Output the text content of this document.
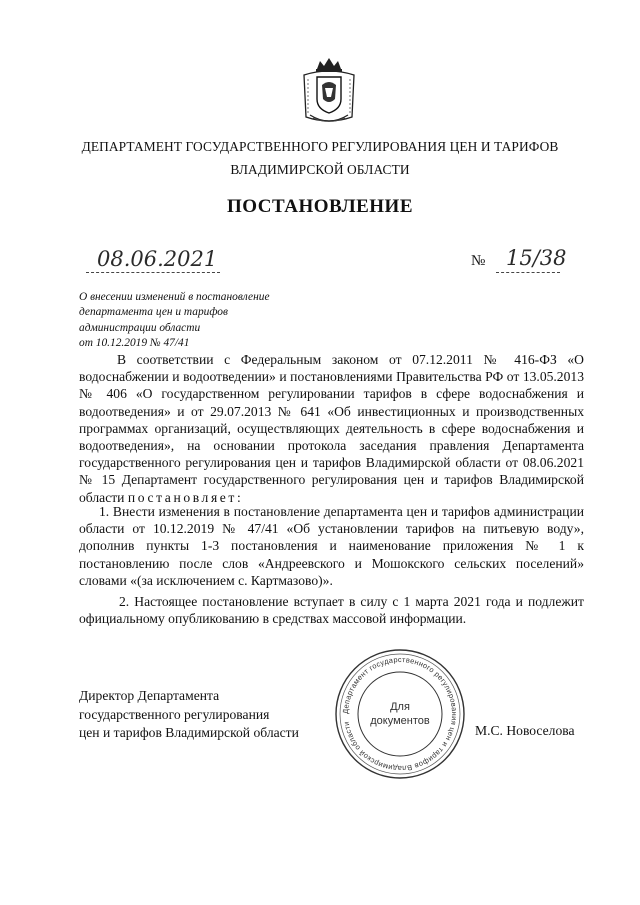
ДЕПАРТАМЕНТ ГОСУДАРСТВЕННОГО РЕГУЛИРОВАНИЯ ЦЕН И ТАРИФОВ
ВЛАДИМИРСКОЙ ОБЛАСТИ
ПОСТАНОВЛЕНИЕ
08.06.2021	№ 15/38
О внесении изменений в постановление
департамента цен и тарифов
администрации области
от 10.12.2019 № 47/41
В соответствии с Федеральным законом от 07.12.2011 № 416-ФЗ «О водоснабжении и водоотведении» и постановлениями Правительства РФ от 13.05.2013 № 406 «О государственном регулировании тарифов в сфере водоснабжения и водоотведения» и от 29.07.2013 № 641 «Об инвестиционных и производственных программах организаций, осуществляющих деятельность в сфере водоснабжения и водоотведения», на основании протокола заседания правления Департамента государственного регулирования цен и тарифов Владимирской области от 08.06.2021 № 15 Департамент государственного регулирования цен и тарифов Владимирской области постановляет:
1. Внести изменения в постановление департамента цен и тарифов администрации области от 10.12.2019 № 47/41 «Об установлении тарифов на питьевую воду», дополнив пункты 1-3 постановления и наименование приложения № 1 к постановлению после слов «Андреевского и Мошокского сельских поселений» словами «(за исключением с. Картмазово)».
2. Настоящее постановление вступает в силу с 1 марта 2021 года и подлежит официальному опубликованию в средствах массовой информации.
Директор Департамента
государственного регулирования
цен и тарифов Владимирской области	М.С. Новоселова
Департамент государственного регулирования цен и тарифов Владимирской области
Для
документов
